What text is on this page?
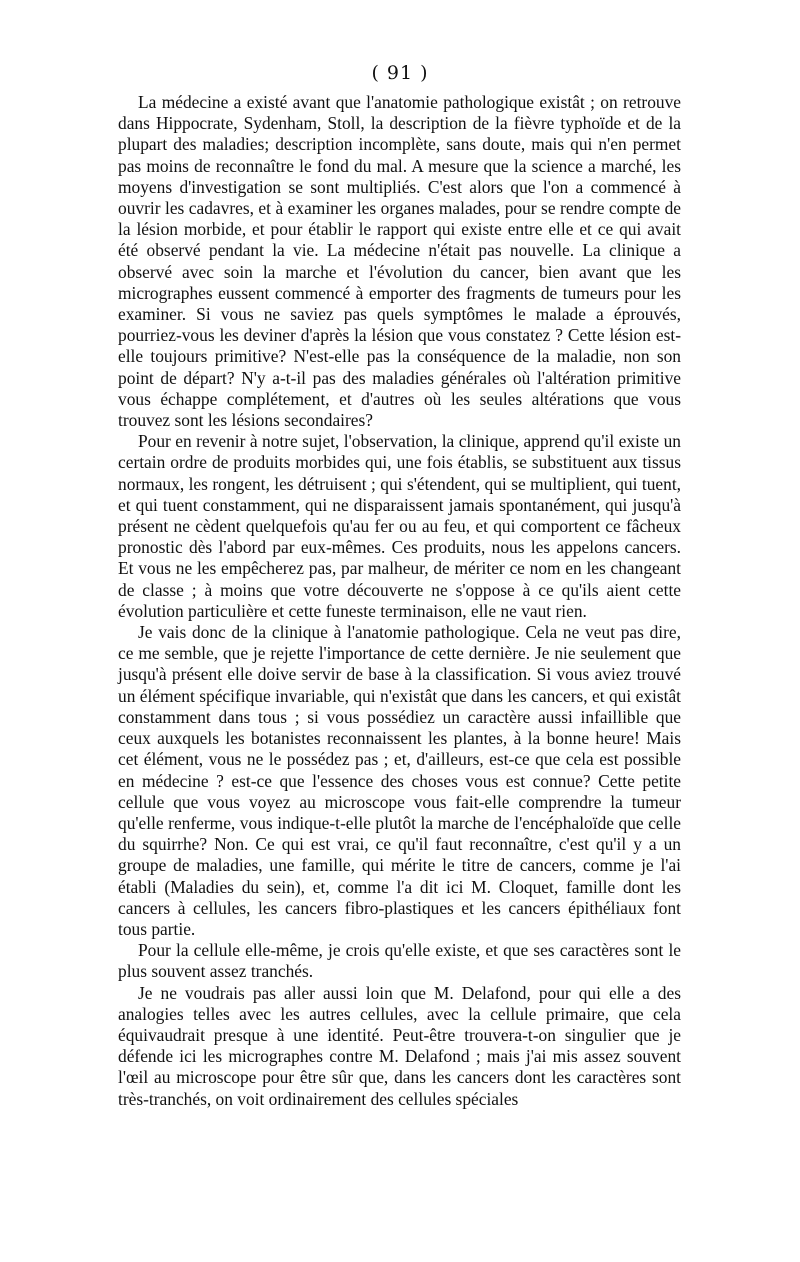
( 91 )

La médecine a existé avant que l'anatomie pathologique existât ; on retrouve dans Hippocrate, Sydenham, Stoll, la description de la fièvre typhoïde et de la plupart des maladies; description incomplète, sans doute, mais qui n'en permet pas moins de reconnaître le fond du mal. A mesure que la science a marché, les moyens d'investigation se sont multipliés. C'est alors que l'on a commencé à ouvrir les cadavres, et à examiner les organes malades, pour se rendre compte de la lésion morbide, et pour établir le rapport qui existe entre elle et ce qui avait été observé pendant la vie. La médecine n'était pas nouvelle. La clinique a observé avec soin la marche et l'évolution du cancer, bien avant que les micrographes eussent commencé à emporter des fragments de tumeurs pour les examiner. Si vous ne saviez pas quels symptômes le malade a éprouvés, pourriez-vous les deviner d'après la lésion que vous constatez ? Cette lésion est-elle toujours primitive? N'est-elle pas la conséquence de la maladie, non son point de départ? N'y a-t-il pas des maladies générales où l'altération primitive vous échappe complétement, et d'autres où les seules altérations que vous trouvez sont les lésions secondaires?

Pour en revenir à notre sujet, l'observation, la clinique, apprend qu'il existe un certain ordre de produits morbides qui, une fois établis, se substituent aux tissus normaux, les rongent, les détruisent ; qui s'étendent, qui se multiplient, qui tuent, et qui tuent constamment, qui ne disparaissent jamais spontanément, qui jusqu'à présent ne cèdent quelquefois qu'au fer ou au feu, et qui comportent ce fâcheux pronostic dès l'abord par eux-mêmes. Ces produits, nous les appelons cancers. Et vous ne les empêcherez pas, par malheur, de mériter ce nom en les changeant de classe ; à moins que votre découverte ne s'oppose à ce qu'ils aient cette évolution particulière et cette funeste terminaison, elle ne vaut rien.

Je vais donc de la clinique à l'anatomie pathologique. Cela ne veut pas dire, ce me semble, que je rejette l'importance de cette dernière. Je nie seulement que jusqu'à présent elle doive servir de base à la classification. Si vous aviez trouvé un élément spécifique invariable, qui n'existât que dans les cancers, et qui existât constamment dans tous ; si vous possédiez un caractère aussi infaillible que ceux auxquels les botanistes reconnaissent les plantes, à la bonne heure! Mais cet élément, vous ne le possédez pas ; et, d'ailleurs, est-ce que cela est possible en médecine ? est-ce que l'essence des choses vous est connue? Cette petite cellule que vous voyez au microscope vous fait-elle comprendre la tumeur qu'elle renferme, vous indique-t-elle plutôt la marche de l'encéphaloïde que celle du squirrhe? Non. Ce qui est vrai, ce qu'il faut reconnaître, c'est qu'il y a un groupe de maladies, une famille, qui mérite le titre de cancers, comme je l'ai établi (Maladies du sein), et, comme l'a dit ici M. Cloquet, famille dont les cancers à cellules, les cancers fibro-plastiques et les cancers épithéliaux font tous partie.

Pour la cellule elle-même, je crois qu'elle existe, et que ses caractères sont le plus souvent assez tranchés.

Je ne voudrais pas aller aussi loin que M. Delafond, pour qui elle a des analogies telles avec les autres cellules, avec la cellule primaire, que cela équivaudrait presque à une identité. Peut-être trouvera-t-on singulier que je défende ici les micrographes contre M. Delafond ; mais j'ai mis assez souvent l'œil au microscope pour être sûr que, dans les cancers dont les caractères sont très-tranchés, on voit ordinairement des cellules spéciales
